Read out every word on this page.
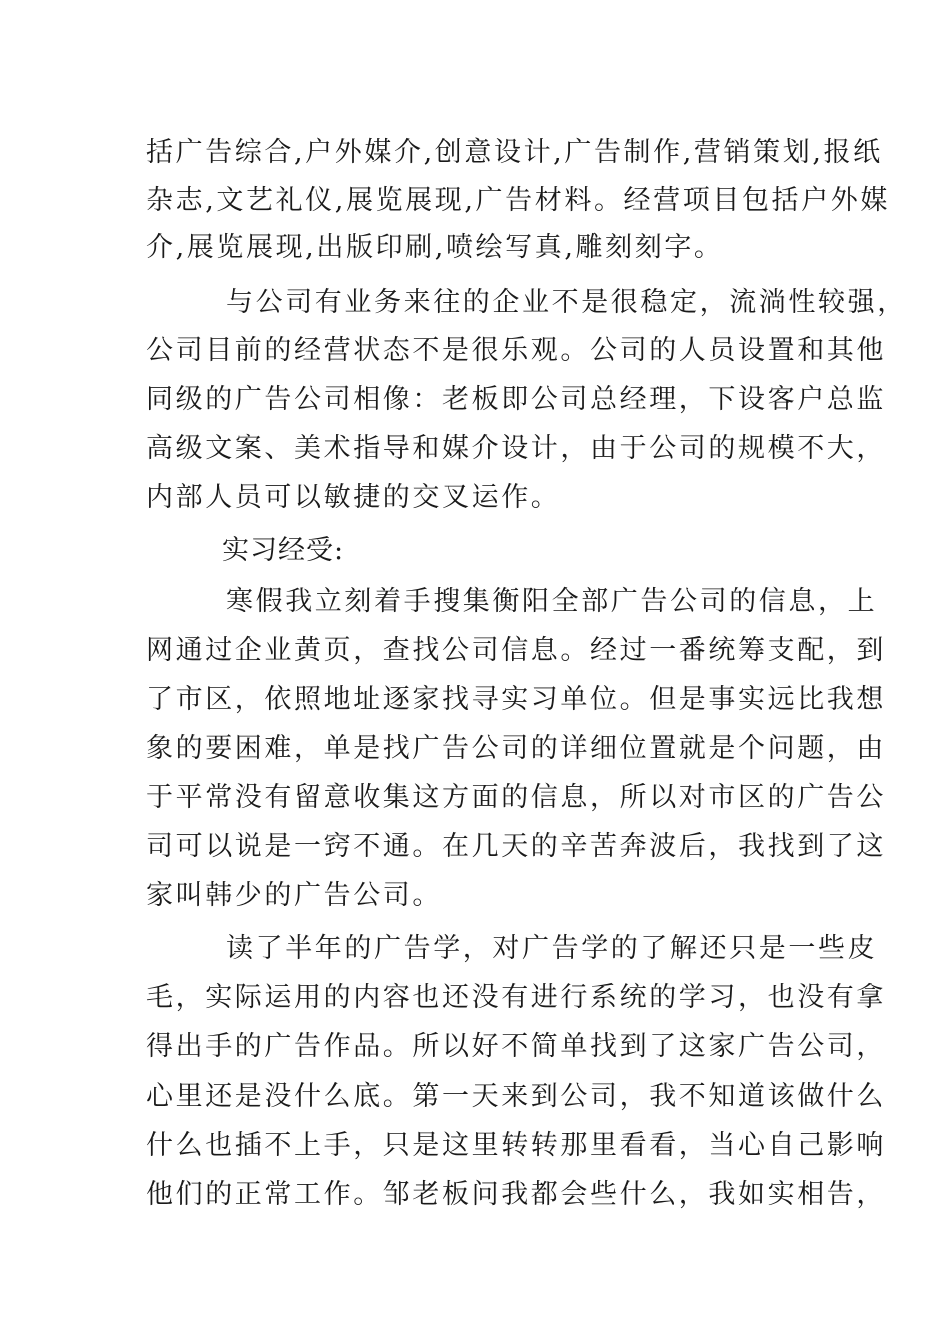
括广告综合,户外媒介,创意设计,广告制作,营销策划,报纸
杂志,文艺礼仪,展览展现,广告材料。经营项目包括户外媒
介,展览展现,出版印刷,喷绘写真,雕刻刻字。
与公司有业务来往的企业不是很稳定，流淌性较强，
公司目前的经营状态不是很乐观。公司的人员设置和其他
同级的广告公司相像：老板即公司总经理，下设客户总监
高级文案、美术指导和媒介设计，由于公司的规模不大，
内部人员可以敏捷的交叉运作。
实习经受:
寒假我立刻着手搜集衡阳全部广告公司的信息，上
网通过企业黄页，查找公司信息。经过一番统筹支配，到
了市区，依照地址逐家找寻实习单位。但是事实远比我想
象的要困难，单是找广告公司的详细位置就是个问题，由
于平常没有留意收集这方面的信息，所以对市区的广告公
司可以说是一窍不通。在几天的辛苦奔波后，我找到了这
家叫韩少的广告公司。
读了半年的广告学，对广告学的了解还只是一些皮
毛，实际运用的内容也还没有进行系统的学习，也没有拿
得出手的广告作品。所以好不简单找到了这家广告公司，
心里还是没什么底。第一天来到公司，我不知道该做什么
什么也插不上手，只是这里转转那里看看，当心自己影响
他们的正常工作。邹老板问我都会些什么，我如实相告，
